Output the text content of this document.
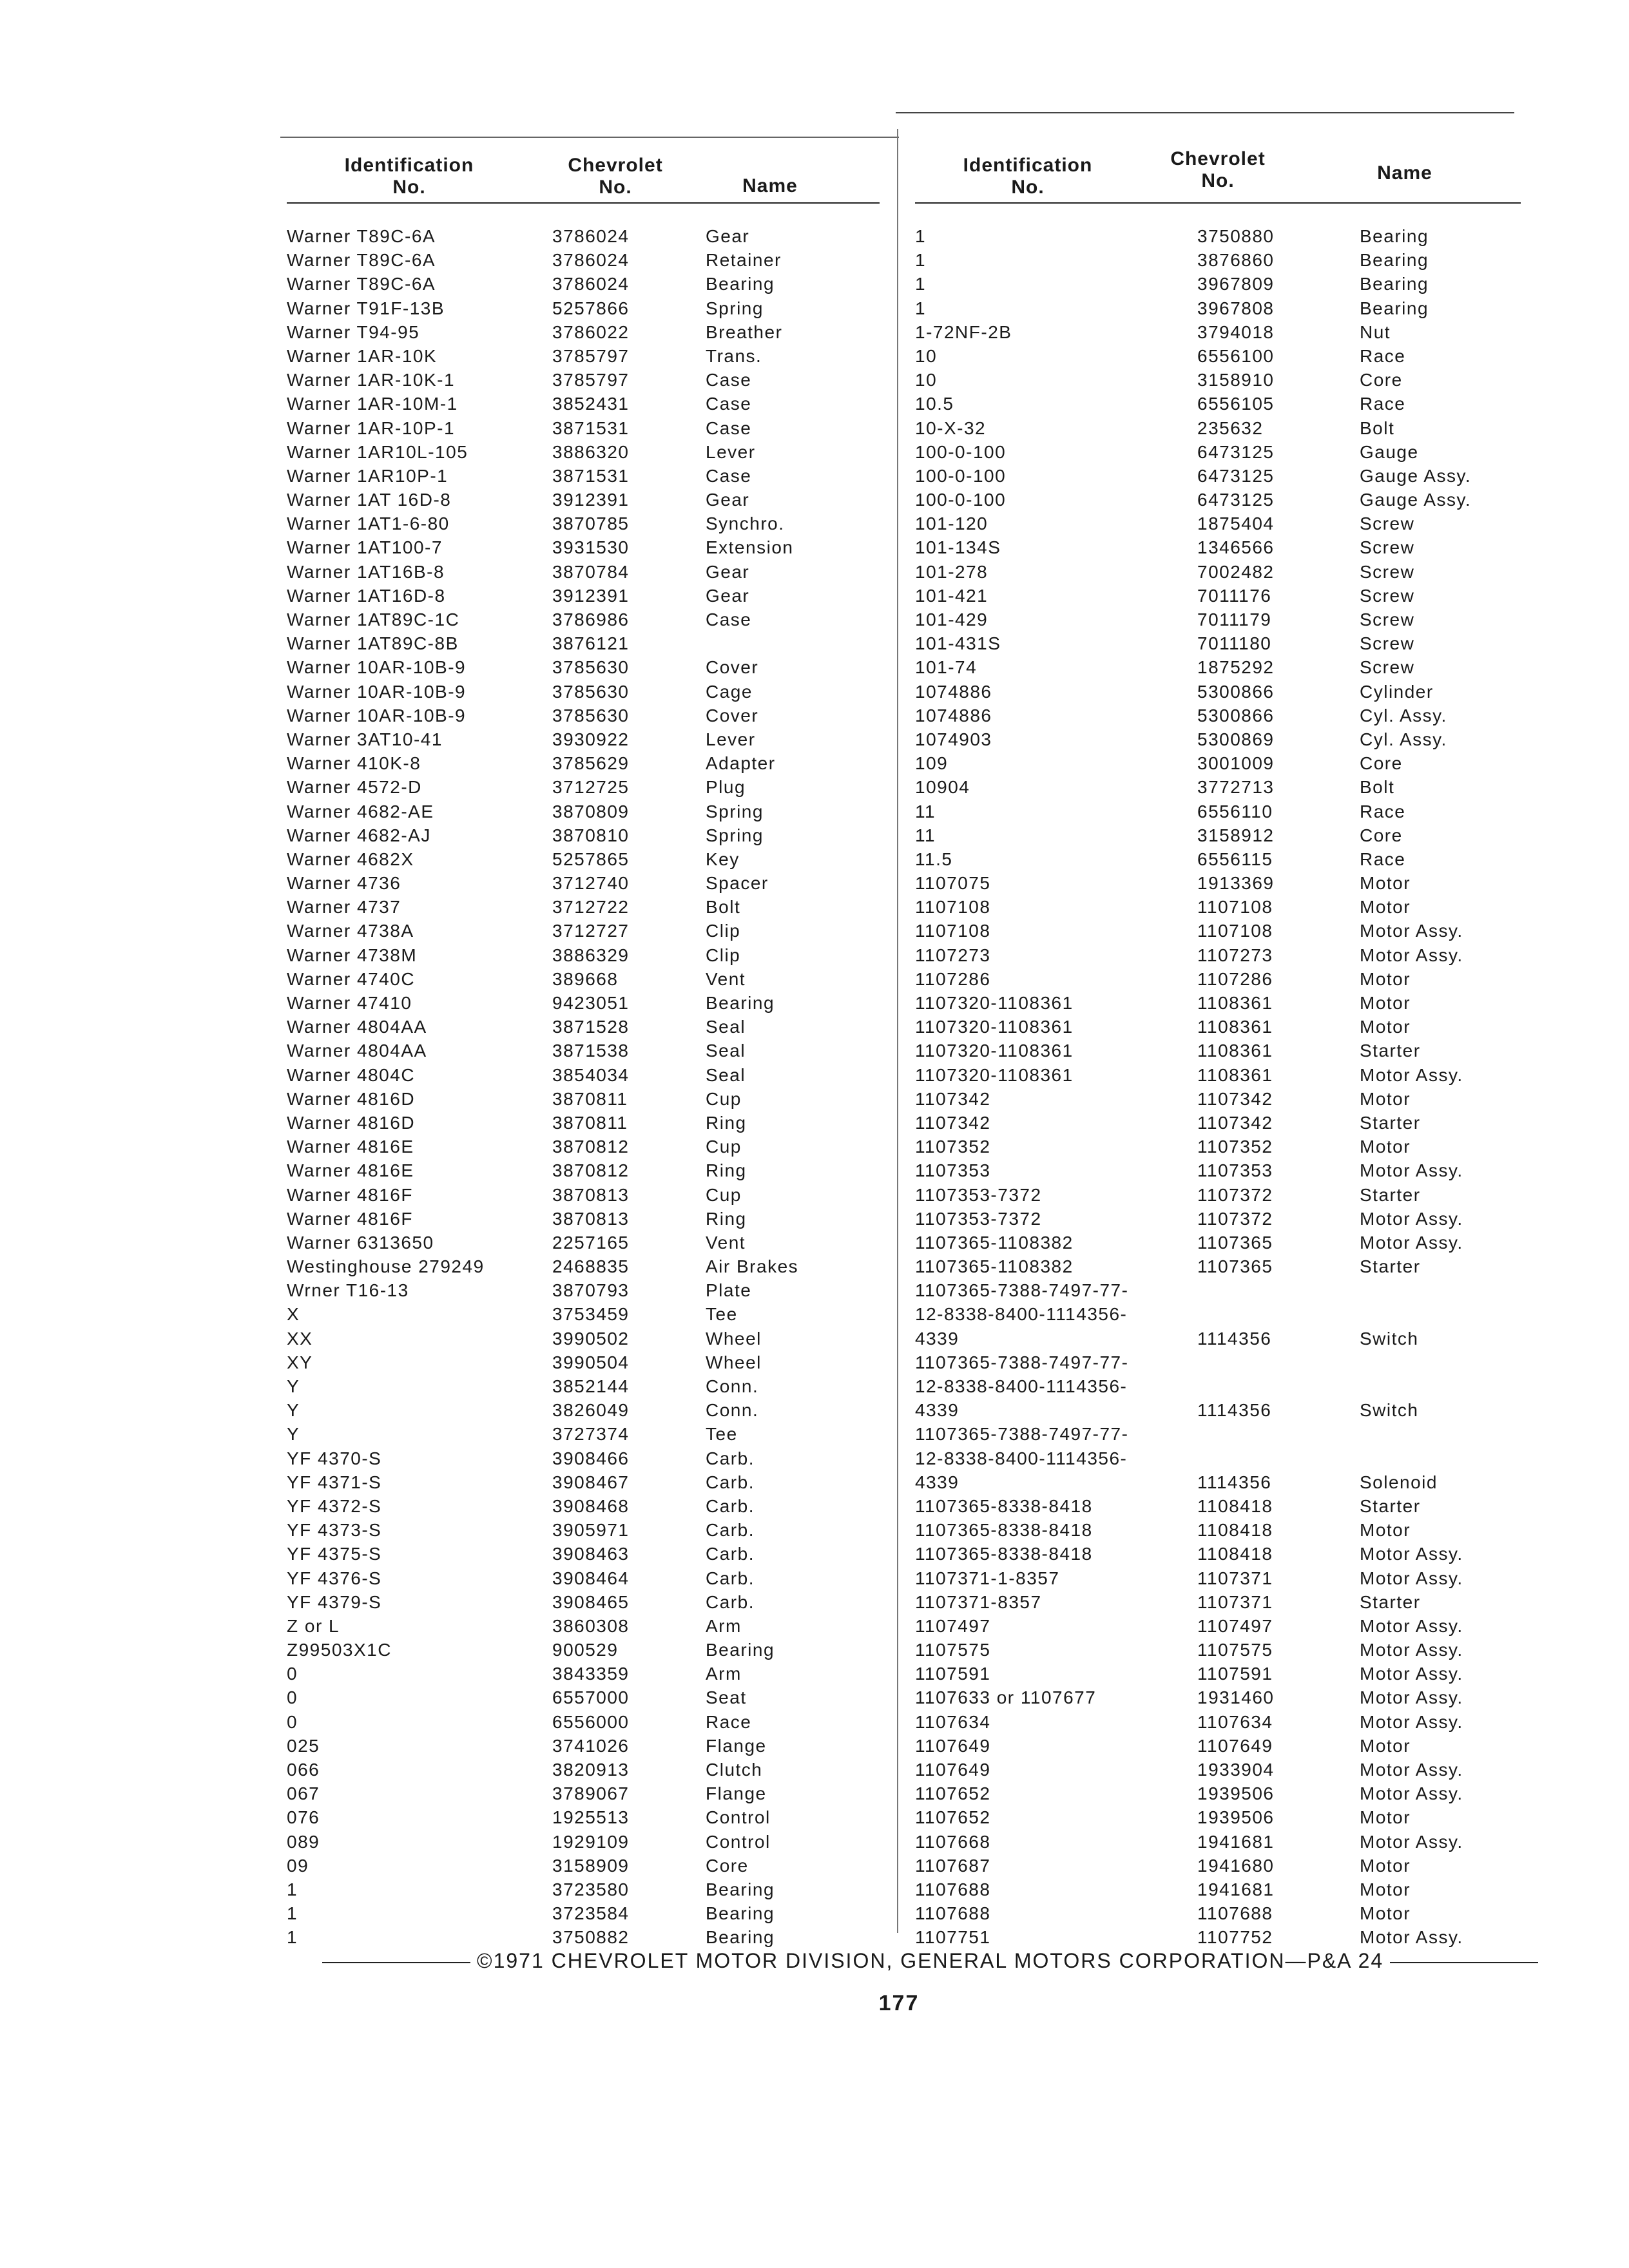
Identification
No.
Chevrolet
No.	Name
Warner T89C-6A	3786024	Gear
Warner T89C-6A	3786024	Retainer
Warner T89C-6A	3786024	Bearing
Warner T91F-13B	5257866	Spring
Warner T94-95	3786022	Breather
Warner 1AR-10K	3785797	Trans.
Warner 1AR-10K-1	3785797	Case
Warner 1AR-10M-1	3852431	Case
Warner 1AR-10P-1	3871531	Case
Warner 1AR10L-105	3886320	Lever
Warner 1AR10P-1	3871531	Case
Warner 1AT 16D-8	3912391	Gear
Warner 1AT1-6-80	3870785	Synchro.
Warner 1AT100-7	3931530	Extension
Warner 1AT16B-8	3870784	Gear
Warner 1AT16D-8	3912391	Gear
Warner 1AT89C-1C	3786986	Case
Warner 1AT89C-8B	3876121
Warner 10AR-10B-9	3785630	Cover
Warner 10AR-10B-9	3785630	Cage
Warner 10AR-10B-9	3785630	Cover
Warner 3AT10-41	3930922	Lever
Warner 410K-8	3785629	Adapter
Warner 4572-D	3712725	Plug
Warner 4682-AE	3870809	Spring
Warner 4682-AJ	3870810	Spring
Warner 4682X	5257865	Key
Warner 4736	3712740	Spacer
Warner 4737	3712722	Bolt
Warner 4738A	3712727	Clip
Warner 4738M	3886329	Clip
Warner 4740C	389668	Vent
Warner 47410	9423051	Bearing
Warner 4804AA	3871528	Seal
Warner 4804AA	3871538	Seal
Warner 4804C	3854034	Seal
Warner 4816D	3870811	Cup
Warner 4816D	3870811	Ring
Warner 4816E	3870812	Cup
Warner 4816E	3870812	Ring
Warner 4816F	3870813	Cup
Warner 4816F	3870813	Ring
Warner 6313650	2257165	Vent
Westinghouse 279249	2468835	Air Brakes
Wrner T16-13	3870793	Plate
X	3753459	Tee
XX	3990502	Wheel
XY	3990504	Wheel
Y	3852144	Conn.
Y	3826049	Conn.
Y	3727374	Tee
YF 4370-S	3908466	Carb.
YF 4371-S	3908467	Carb.
YF 4372-S	3908468	Carb.
YF 4373-S	3905971	Carb.
YF 4375-S	3908463	Carb.
YF 4376-S	3908464	Carb.
YF 4379-S	3908465	Carb.
Z or L	3860308	Arm
Z99503X1C	900529	Bearing
0	3843359	Arm
0	6557000	Seat
0	6556000	Race
025	3741026	Flange
066	3820913	Clutch
067	3789067	Flange
076	1925513	Control
089	1929109	Control
09	3158909	Core
1	3723580	Bearing
1	3723584	Bearing
1	3750882	Bearing
Identification
No.
Chevrolet
No.	Name
1	3750880	Bearing
1	3876860	Bearing
1	3967809	Bearing
1	3967808	Bearing
1-72NF-2B	3794018	Nut
10	6556100	Race
10	3158910	Core
10.5	6556105	Race
10-X-32	235632	Bolt
100-0-100	6473125	Gauge
100-0-100	6473125	Gauge Assy.
100-0-100	6473125	Gauge Assy.
101-120	1875404	Screw
101-134S	1346566	Screw
101-278	7002482	Screw
101-421	7011176	Screw
101-429	7011179	Screw
101-431S	7011180	Screw
101-74	1875292	Screw
1074886	5300866	Cylinder
1074886	5300866	Cyl. Assy.
1074903	5300869	Cyl. Assy.
109	3001009	Core
10904	3772713	Bolt
11	6556110	Race
11	3158912	Core
11.5	6556115	Race
1107075	1913369	Motor
1107108	1107108	Motor
1107108	1107108	Motor Assy.
1107273	1107273	Motor Assy.
1107286	1107286	Motor
1107320-1108361	1108361	Motor
1107320-1108361	1108361	Motor
1107320-1108361	1108361	Starter
1107320-1108361	1108361	Motor Assy.
1107342	1107342	Motor
1107342	1107342	Starter
1107352	1107352	Motor
1107353	1107353	Motor Assy.
1107353-7372	1107372	Starter
1107353-7372	1107372	Motor Assy.
1107365-1108382	1107365	Motor Assy.
1107365-1108382	1107365	Starter
1107365-7388-7497-77-
12-8338-8400-1114356-
4339	1114356	Switch
1107365-7388-7497-77-
12-8338-8400-1114356-
4339	1114356	Switch
1107365-7388-7497-77-
12-8338-8400-1114356-
4339	1114356	Solenoid
1107365-8338-8418	1108418	Starter
1107365-8338-8418	1108418	Motor
1107365-8338-8418	1108418	Motor Assy.
1107371-1-8357	1107371	Motor Assy.
1107371-8357	1107371	Starter
1107497	1107497	Motor Assy.
1107575	1107575	Motor Assy.
1107591	1107591	Motor Assy.
1107633 or 1107677	1931460	Motor Assy.
1107634	1107634	Motor Assy.
1107649	1107649	Motor
1107649	1933904	Motor Assy.
1107652	1939506	Motor Assy.
1107652	1939506	Motor
1107668	1941681	Motor Assy.
1107687	1941680	Motor
1107688	1941681	Motor
1107688	1107688	Motor
1107751	1107752	Motor Assy.
©1971 CHEVROLET MOTOR DIVISION, GENERAL MOTORS CORPORATION—P&A 24
177
